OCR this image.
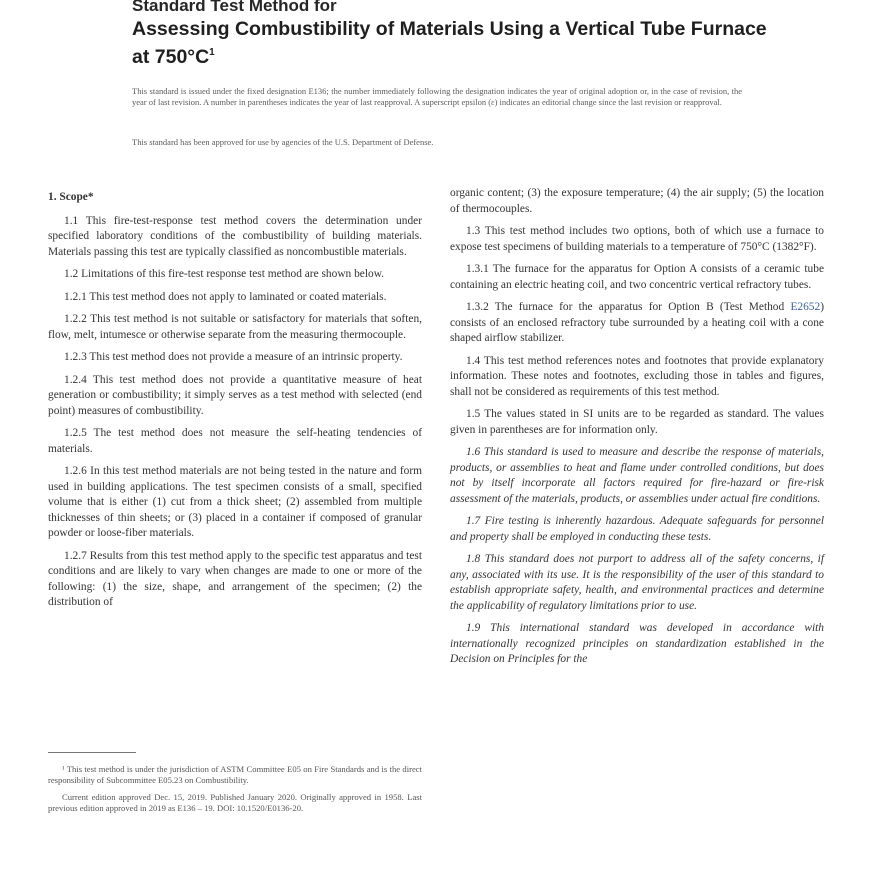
Standard Test Method for
Assessing Combustibility of Materials Using a Vertical Tube Furnace at $750^\circ C^1$
This standard is issued under the fixed designation E136; the number immediately following the designation indicates the year of original adoption or, in the case of revision, the year of last revision. A number in parentheses indicates the year of last reapproval. A superscript epsilon (ε) indicates an editorial change since the last revision or reapproval.
This standard has been approved for use by agencies of the U.S. Department of Defense.

1. Scope*

1.1 This fire-test-response test method covers the determination under specified laboratory conditions of the combustibility of building materials. Materials passing this test are typically classified as noncombustible materials.

1.2 Limitations of this fire-test response test method are shown below.

1.2.1 This test method does not apply to laminated or coated materials.

1.2.2 This test method is not suitable or satisfactory for materials that soften, flow, melt, intumesce or otherwise separate from the measuring thermocouple.

1.2.3 This test method does not provide a measure of an intrinsic property.

1.2.4 This test method does not provide a quantitative measure of heat generation or combustibility; it simply serves as a test method with selected (end point) measures of combustibility.

1.2.5 The test method does not measure the self-heating tendencies of materials.

1.2.6 In this test method materials are not being tested in the nature and form used in building applications. The test specimen consists of a small, specified volume that is either (1) cut from a thick sheet; (2) assembled from multiple thicknesses of thin sheets; or (3) placed in a container if composed of granular powder or loose-fiber materials.

1.2.7 Results from this test method apply to the specific test apparatus and test conditions and are likely to vary when changes are made to one or more of the following: (1) the size, shape, and arrangement of the specimen; (2) the distribution of

organic content; (3) the exposure temperature; (4) the air supply; (5) the location of thermocouples.

1.3 This test method includes two options, both of which use a furnace to expose test specimens of building materials to a temperature of 750°C (1382°F).

1.3.1 The furnace for the apparatus for Option A consists of a ceramic tube containing an electric heating coil, and two concentric vertical refractory tubes.

1.3.2 The furnace for the apparatus for Option B (Test Method E2652) consists of an enclosed refractory tube surrounded by a heating coil with a cone shaped airflow stabilizer.

1.4 This test method references notes and footnotes that provide explanatory information. These notes and footnotes, excluding those in tables and figures, shall not be considered as requirements of this test method.

1.5 The values stated in SI units are to be regarded as standard. The values given in parentheses are for information only.

1.6 This standard is used to measure and describe the response of materials, products, or assemblies to heat and flame under controlled conditions, but does not by itself incorporate all factors required for fire-hazard or fire-risk assessment of the materials, products, or assemblies under actual fire conditions.

1.7 Fire testing is inherently hazardous. Adequate safeguards for personnel and property shall be employed in conducting these tests.

1.8 This standard does not purport to address all of the safety concerns, if any, associated with its use. It is the responsibility of the user of this standard to establish appropriate safety, health, and environmental practices and determine the applicability of regulatory limitations prior to use.

1.9 This international standard was developed in accordance with internationally recognized principles on standardization established in the Decision on Principles for the

¹ This test method is under the jurisdiction of ASTM Committee E05 on Fire Standards and is the direct responsibility of Subcommittee E05.23 on Combustibility.

Current edition approved Dec. 15, 2019. Published January 2020. Originally approved in 1958. Last previous edition approved in 2019 as E136 – 19. DOI: 10.1520/E0136-20.
